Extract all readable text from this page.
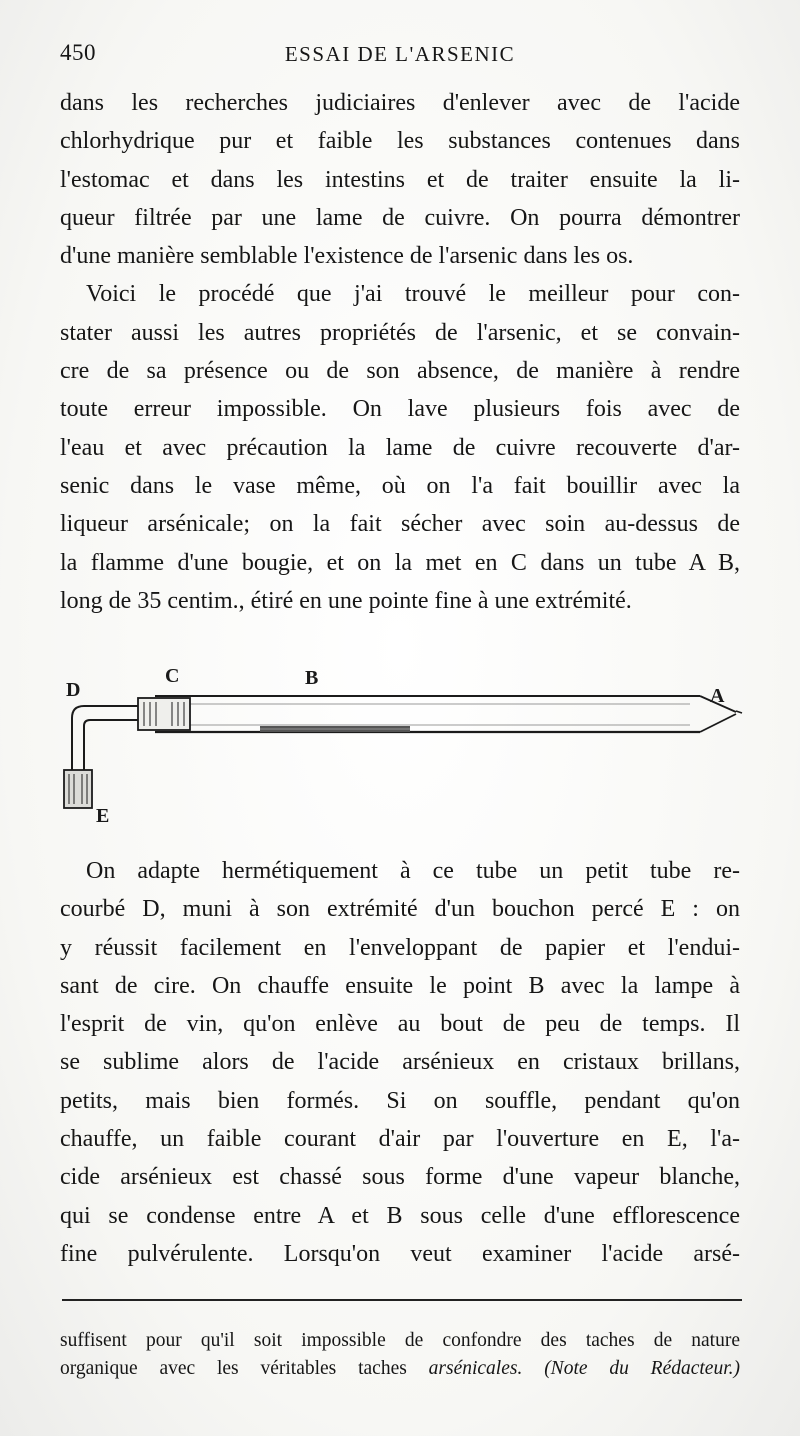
450	ESSAI DE L'ARSENIC
dans les recherches judiciaires d'enlever avec de l'acide
chlorhydrique pur et faible les substances contenues dans
l'estomac et dans les intestins et de traiter ensuite la li-
queur filtrée par une lame de cuivre. On pourra démontrer
d'une manière semblable l'existence de l'arsenic dans les os.
Voici le procédé que j'ai trouvé le meilleur pour con-
stater aussi les autres propriétés de l'arsenic, et se convain-
cre de sa présence ou de son absence, de manière à rendre
toute erreur impossible. On lave plusieurs fois avec de
l'eau et avec précaution la lame de cuivre recouverte d'ar-
senic dans le vase même, où on l'a fait bouillir avec la
liqueur arsénicale; on la fait sécher avec soin au-dessus de
la flamme d'une bougie, et on la met en C dans un tube A B,
long de 35 centim., étiré en une pointe fine à une extrémité.
D
C	B
A
E
On adapte hermétiquement à ce tube un petit tube re-
courbé D, muni à son extrémité d'un bouchon percé E : on
y réussit facilement en l'enveloppant de papier et l'endui-
sant de cire. On chauffe ensuite le point B avec la lampe à
l'esprit de vin, qu'on enlève au bout de peu de temps. Il
se sublime alors de l'acide arsénieux en cristaux brillans,
petits, mais bien formés. Si on souffle, pendant qu'on
chauffe, un faible courant d'air par l'ouverture en E, l'a-
cide arsénieux est chassé sous forme d'une vapeur blanche,
qui se condense entre A et B sous celle d'une efflorescence
fine pulvérulente. Lorsqu'on veut examiner l'acide arsé-
suffisent pour qu'il soit impossible de confondre des taches de nature
organique avec les véritables taches arsénicales. (Note du Rédacteur.)
